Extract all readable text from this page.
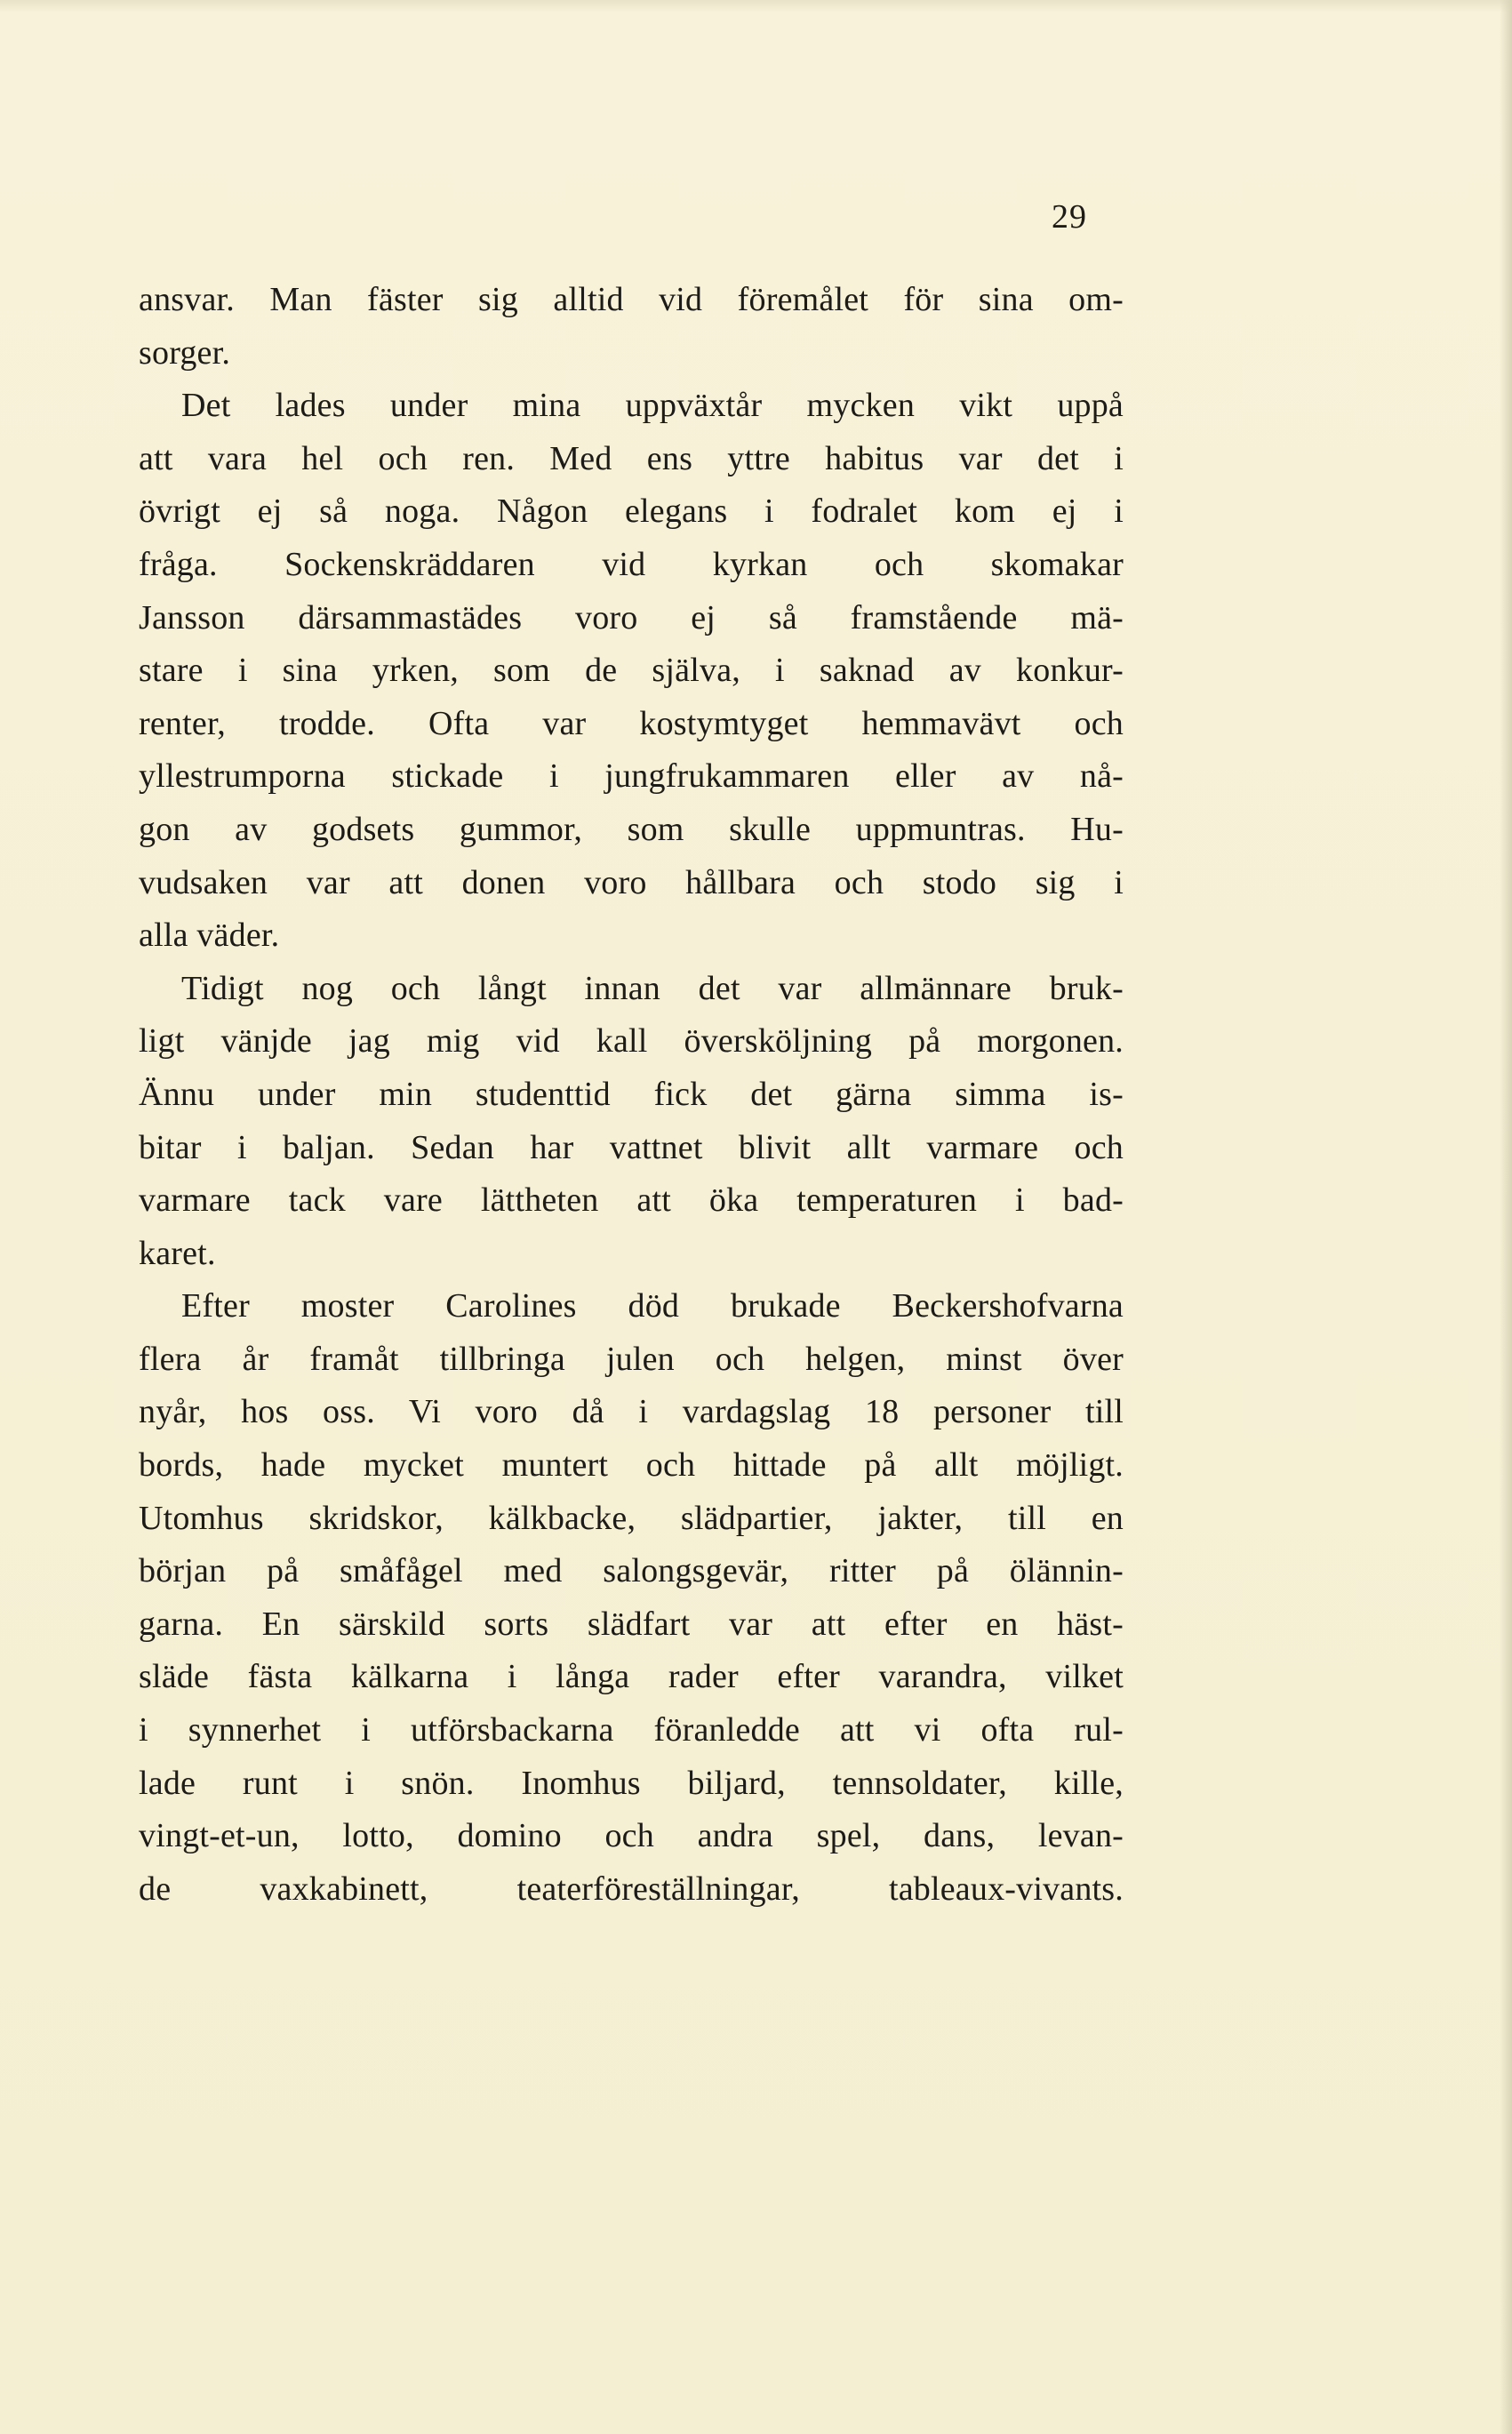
29
ansvar. Man fäster sig alltid vid föremålet för sina om-
sorger.
Det lades under mina uppväxtår mycken vikt uppå
att vara hel och ren. Med ens yttre habitus var det i
övrigt ej så noga. Någon elegans i fodralet kom ej i
fråga. Sockenskräddaren vid kyrkan och skomakar
Jansson därsammastädes voro ej så framstående mä-
stare i sina yrken, som de själva, i saknad av konkur-
renter, trodde. Ofta var kostymtyget hemmavävt och
yllestrumporna stickade i jungfrukammaren eller av nå-
gon av godsets gummor, som skulle uppmuntras. Hu-
vudsaken var att donen voro hållbara och stodo sig i
alla väder.
Tidigt nog och långt innan det var allmännare bruk-
ligt vänjde jag mig vid kall översköljning på morgonen.
Ännu under min studenttid fick det gärna simma is-
bitar i baljan. Sedan har vattnet blivit allt varmare och
varmare tack vare lättheten att öka temperaturen i bad-
karet.
Efter moster Carolines död brukade Beckershofvarna
flera år framåt tillbringa julen och helgen, minst över
nyår, hos oss. Vi voro då i vardagslag 18 personer till
bords, hade mycket muntert och hittade på allt möjligt.
Utomhus skridskor, kälkbacke, slädpartier, jakter, till en
början på småfågel med salongsgevär, ritter på ölännin-
garna. En särskild sorts slädfart var att efter en häst-
släde fästa kälkarna i långa rader efter varandra, vilket
i synnerhet i utförsbackarna föranledde att vi ofta rul-
lade runt i snön. Inomhus biljard, tennsoldater, kille,
vingt-et-un, lotto, domino och andra spel, dans, levan-
de vaxkabinett, teaterföreställningar, tableaux-vivants.
